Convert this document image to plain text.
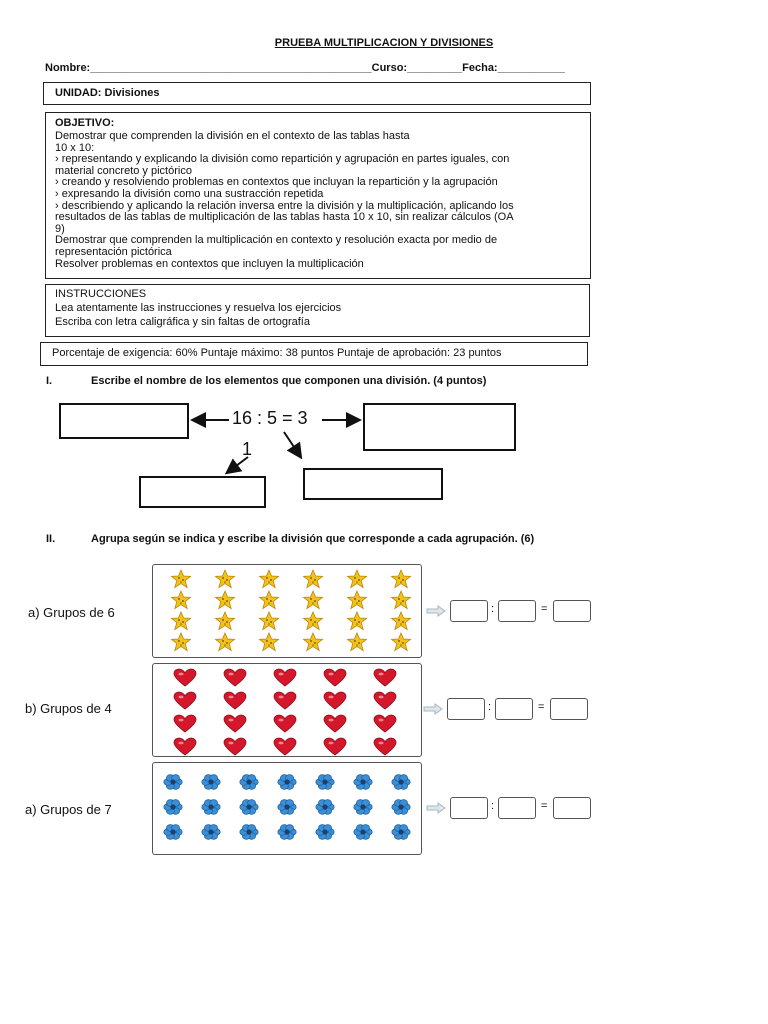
PRUEBA MULTIPLICACION Y DIVISIONES
Nombre:______________________________________________Curso:_________Fecha:___________
UNIDAD: Divisiones
OBJETIVO:
Demostrar que comprenden la división en el contexto de las tablas hasta
10 x 10:
› representando y explicando la división como repartición y agrupación en partes iguales, con
material concreto y pictórico
› creando y resolviendo problemas en contextos que incluyan la repartición y la agrupación
› expresando la división como una sustracción repetida
› describiendo y aplicando la relación inversa entre la división y la multiplicación, aplicando los
resultados de las tablas de multiplicación de las tablas hasta 10 x 10, sin realizar cálculos (OA
9)
Demostrar que comprenden la multiplicación en contexto y resolución exacta por medio de
representación pictórica
Resolver problemas en contextos que incluyen la multiplicación
INSTRUCCIONES
Lea atentamente las instrucciones y resuelva los ejercicios
Escriba con letra caligráfica y sin faltas de ortografía
Porcentaje de exigencia: 60% Puntaje máximo: 38 puntos Puntaje de aprobación: 23 puntos
I.	Escribe el nombre de los elementos que componen una división. (4 puntos)
16 : 5 = 3
1
II.	Agrupa según se indica y escribe la división que corresponde a cada agrupación. (6)
a) Grupos de 6	:	=
b) Grupos de 4	:	=
a) Grupos de 7	:	=
